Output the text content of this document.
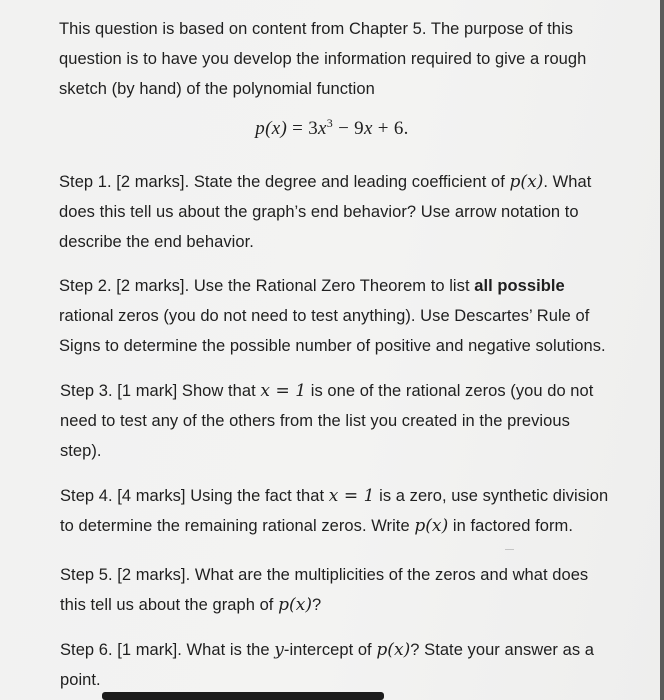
This question is based on content from Chapter 5. The purpose of this
question is to have you develop the information required to give a rough
sketch (by hand) of the polynomial function
$p(x) = 3x^3 - 9x + 6$.
Step 1. [2 marks]. State the degree and leading coefficient of p(x). What
does this tell us about the graph’s end behavior? Use arrow notation to
describe the end behavior.
Step 2. [2 marks]. Use the Rational Zero Theorem to list all possible
rational zeros (you do not need to test anything). Use Descartes’ Rule of
Signs to determine the possible number of positive and negative solutions.
Step 3. [1 mark] Show that x = 1 is one of the rational zeros (you do not
need to test any of the others from the list you created in the previous
step).
Step 4. [4 marks] Using the fact that x = 1 is a zero, use synthetic division
to determine the remaining rational zeros. Write p(x) in factored form.
Step 5. [2 marks]. What are the multiplicities of the zeros and what does
this tell us about the graph of p(x)?
Step 6. [1 mark]. What is the y-intercept of p(x)? State your answer as a
point.
